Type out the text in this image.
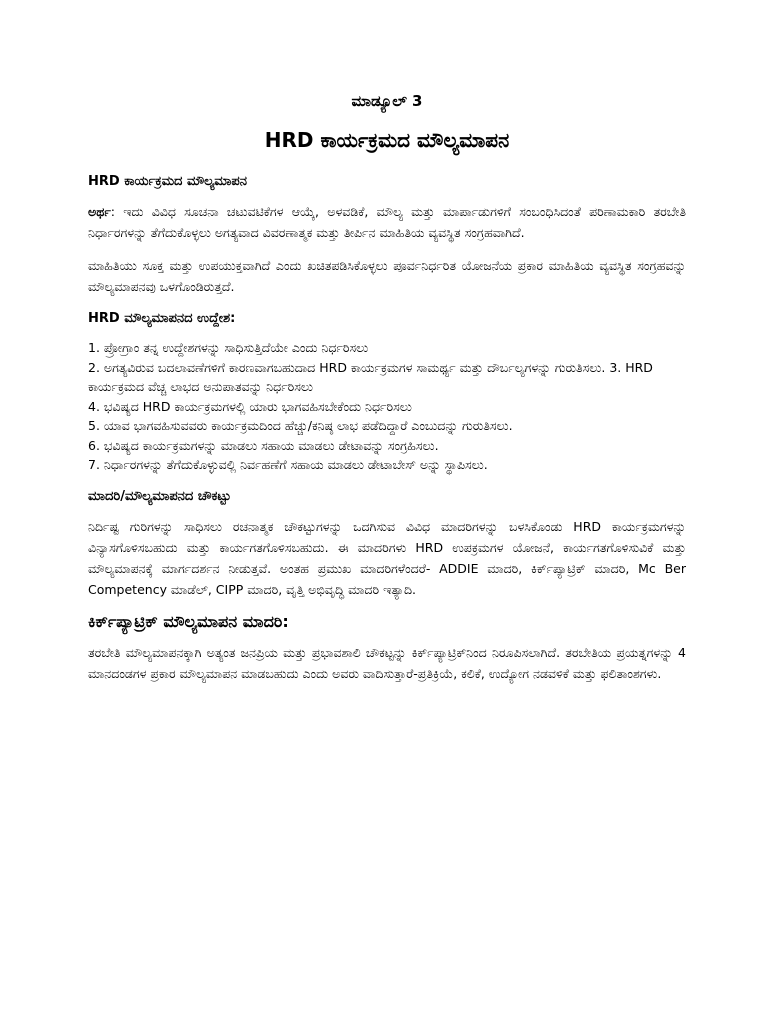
ಮಾಡ್ಯೂಲ್ 3
HRD ಕಾರ್ಯಕ್ರಮದ ಮೌಲ್ಯಮಾಪನ
HRD ಕಾರ್ಯಕ್ರಮದ ಮೌಲ್ಯಮಾಪನ

ಅರ್ಥ: ಇದು ವಿವಿಧ ಸೂಚನಾ ಚಟುವಟಿಕೆಗಳ ಆಯ್ಕೆ, ಅಳವಡಿಕೆ, ಮೌಲ್ಯ ಮತ್ತು ಮಾರ್ಪಾಡುಗಳಿಗೆ ಸಂಬಂಧಿಸಿದಂತೆ ಪರಿಣಾಮಕಾರಿ ತರಬೇತಿ ನಿರ್ಧಾರಗಳನ್ನು ತೆಗೆದುಕೊಳ್ಳಲು ಅಗತ್ಯವಾದ ವಿವರಣಾತ್ಮಕ ಮತ್ತು ತೀರ್ಪಿನ ಮಾಹಿತಿಯ ವ್ಯವಸ್ಥಿತ ಸಂಗ್ರಹವಾಗಿದೆ.

ಮಾಹಿತಿಯು ಸೂಕ್ತ ಮತ್ತು ಉಪಯುಕ್ತವಾಗಿದೆ ಎಂದು ಖಚಿತಪಡಿಸಿಕೊಳ್ಳಲು ಪೂರ್ವನಿರ್ಧರಿತ ಯೋಜನೆಯ ಪ್ರಕಾರ ಮಾಹಿತಿಯ ವ್ಯವಸ್ಥಿತ ಸಂಗ್ರಹವನ್ನು ಮೌಲ್ಯಮಾಪನವು ಒಳಗೊಂಡಿರುತ್ತದೆ.

HRD ಮೌಲ್ಯಮಾಪನದ ಉದ್ದೇಶ:
1. ಪ್ರೋಗ್ರಾಂ ತನ್ನ ಉದ್ದೇಶಗಳನ್ನು ಸಾಧಿಸುತ್ತಿದೆಯೇ ಎಂದು ನಿರ್ಧರಿಸಲು
2. ಅಗತ್ಯವಿರುವ ಬದಲಾವಣೆಗಳಿಗೆ ಕಾರಣವಾಗಬಹುದಾದ HRD ಕಾರ್ಯಕ್ರಮಗಳ ಸಾಮರ್ಥ್ಯ ಮತ್ತು ದೌರ್ಬಲ್ಯಗಳನ್ನು ಗುರುತಿಸಲು. 3. HRD ಕಾರ್ಯಕ್ರಮದ ವೆಚ್ಚ ಲಾಭದ ಅನುಪಾತವನ್ನು ನಿರ್ಧರಿಸಲು
4. ಭವಿಷ್ಯದ HRD ಕಾರ್ಯಕ್ರಮಗಳಲ್ಲಿ ಯಾರು ಭಾಗವಹಿಸಬೇಕೆಂದು ನಿರ್ಧರಿಸಲು
5. ಯಾವ ಭಾಗವಹಿಸುವವರು ಕಾರ್ಯಕ್ರಮದಿಂದ ಹೆಚ್ಚು/ಕನಿಷ್ಠ ಲಾಭ ಪಡೆದಿದ್ದಾರೆ ಎಂಬುದನ್ನು ಗುರುತಿಸಲು.
6. ಭವಿಷ್ಯದ ಕಾರ್ಯಕ್ರಮಗಳನ್ನು ಮಾಡಲು ಸಹಾಯ ಮಾಡಲು ಡೇಟಾವನ್ನು ಸಂಗ್ರಹಿಸಲು.
7. ನಿರ್ಧಾರಗಳನ್ನು ತೆಗೆದುಕೊಳ್ಳುವಲ್ಲಿ ನಿರ್ವಹಣೆಗೆ ಸಹಾಯ ಮಾಡಲು ಡೇಟಾಬೇಸ್ ಅನ್ನು ಸ್ಥಾಪಿಸಲು.
ಮಾದರಿ/ಮೌಲ್ಯಮಾಪನದ ಚೌಕಟ್ಟು

ನಿರ್ದಿಷ್ಟ ಗುರಿಗಳನ್ನು ಸಾಧಿಸಲು ರಚನಾತ್ಮಕ ಚೌಕಟ್ಟುಗಳನ್ನು ಒದಗಿಸುವ ವಿವಿಧ ಮಾದರಿಗಳನ್ನು ಬಳಸಿಕೊಂಡು HRD ಕಾರ್ಯಕ್ರಮಗಳನ್ನು ವಿನ್ಯಾಸಗೊಳಿಸಬಹುದು ಮತ್ತು ಕಾರ್ಯಗತಗೊಳಿಸಬಹುದು. ಈ ಮಾದರಿಗಳು HRD ಉಪಕ್ರಮಗಳ ಯೋಜನೆ, ಕಾರ್ಯಗತಗೊಳಿಸುವಿಕೆ ಮತ್ತು ಮೌಲ್ಯಮಾಪನಕ್ಕೆ ಮಾರ್ಗದರ್ಶನ ನೀಡುತ್ತವೆ. ಅಂತಹ ಪ್ರಮುಖ ಮಾದರಿಗಳೆಂದರೆ- ADDIE ಮಾದರಿ, ಕಿರ್ಕ್‌ಪ್ಯಾಟ್ರಿಕ್ ಮಾದರಿ, Mc Ber Competency ಮಾಡೆಲ್, CIPP ಮಾದರಿ, ವೃತ್ತಿ ಅಭಿವೃದ್ಧಿ ಮಾದರಿ ಇತ್ಯಾದಿ.

ಕಿರ್ಕ್‌ಪ್ಯಾಟ್ರಿಕ್ ಮೌಲ್ಯಮಾಪನ ಮಾದರಿ:

ತರಬೇತಿ ಮೌಲ್ಯಮಾಪನಕ್ಕಾಗಿ ಅತ್ಯಂತ ಜನಪ್ರಿಯ ಮತ್ತು ಪ್ರಭಾವಶಾಲಿ ಚೌಕಟ್ಟನ್ನು ಕಿರ್ಕ್‌ಪ್ಯಾಟ್ರಿಕ್‌ನಿಂದ ನಿರೂಪಿಸಲಾಗಿದೆ. ತರಬೇತಿಯ ಪ್ರಯತ್ನಗಳನ್ನು 4 ಮಾನದಂಡಗಳ ಪ್ರಕಾರ ಮೌಲ್ಯಮಾಪನ ಮಾಡಬಹುದು ಎಂದು ಅವರು ವಾದಿಸುತ್ತಾರೆ-ಪ್ರತಿಕ್ರಿಯೆ, ಕಲಿಕೆ, ಉದ್ಯೋಗ ನಡವಳಿಕೆ ಮತ್ತು ಫಲಿತಾಂಶಗಳು.
